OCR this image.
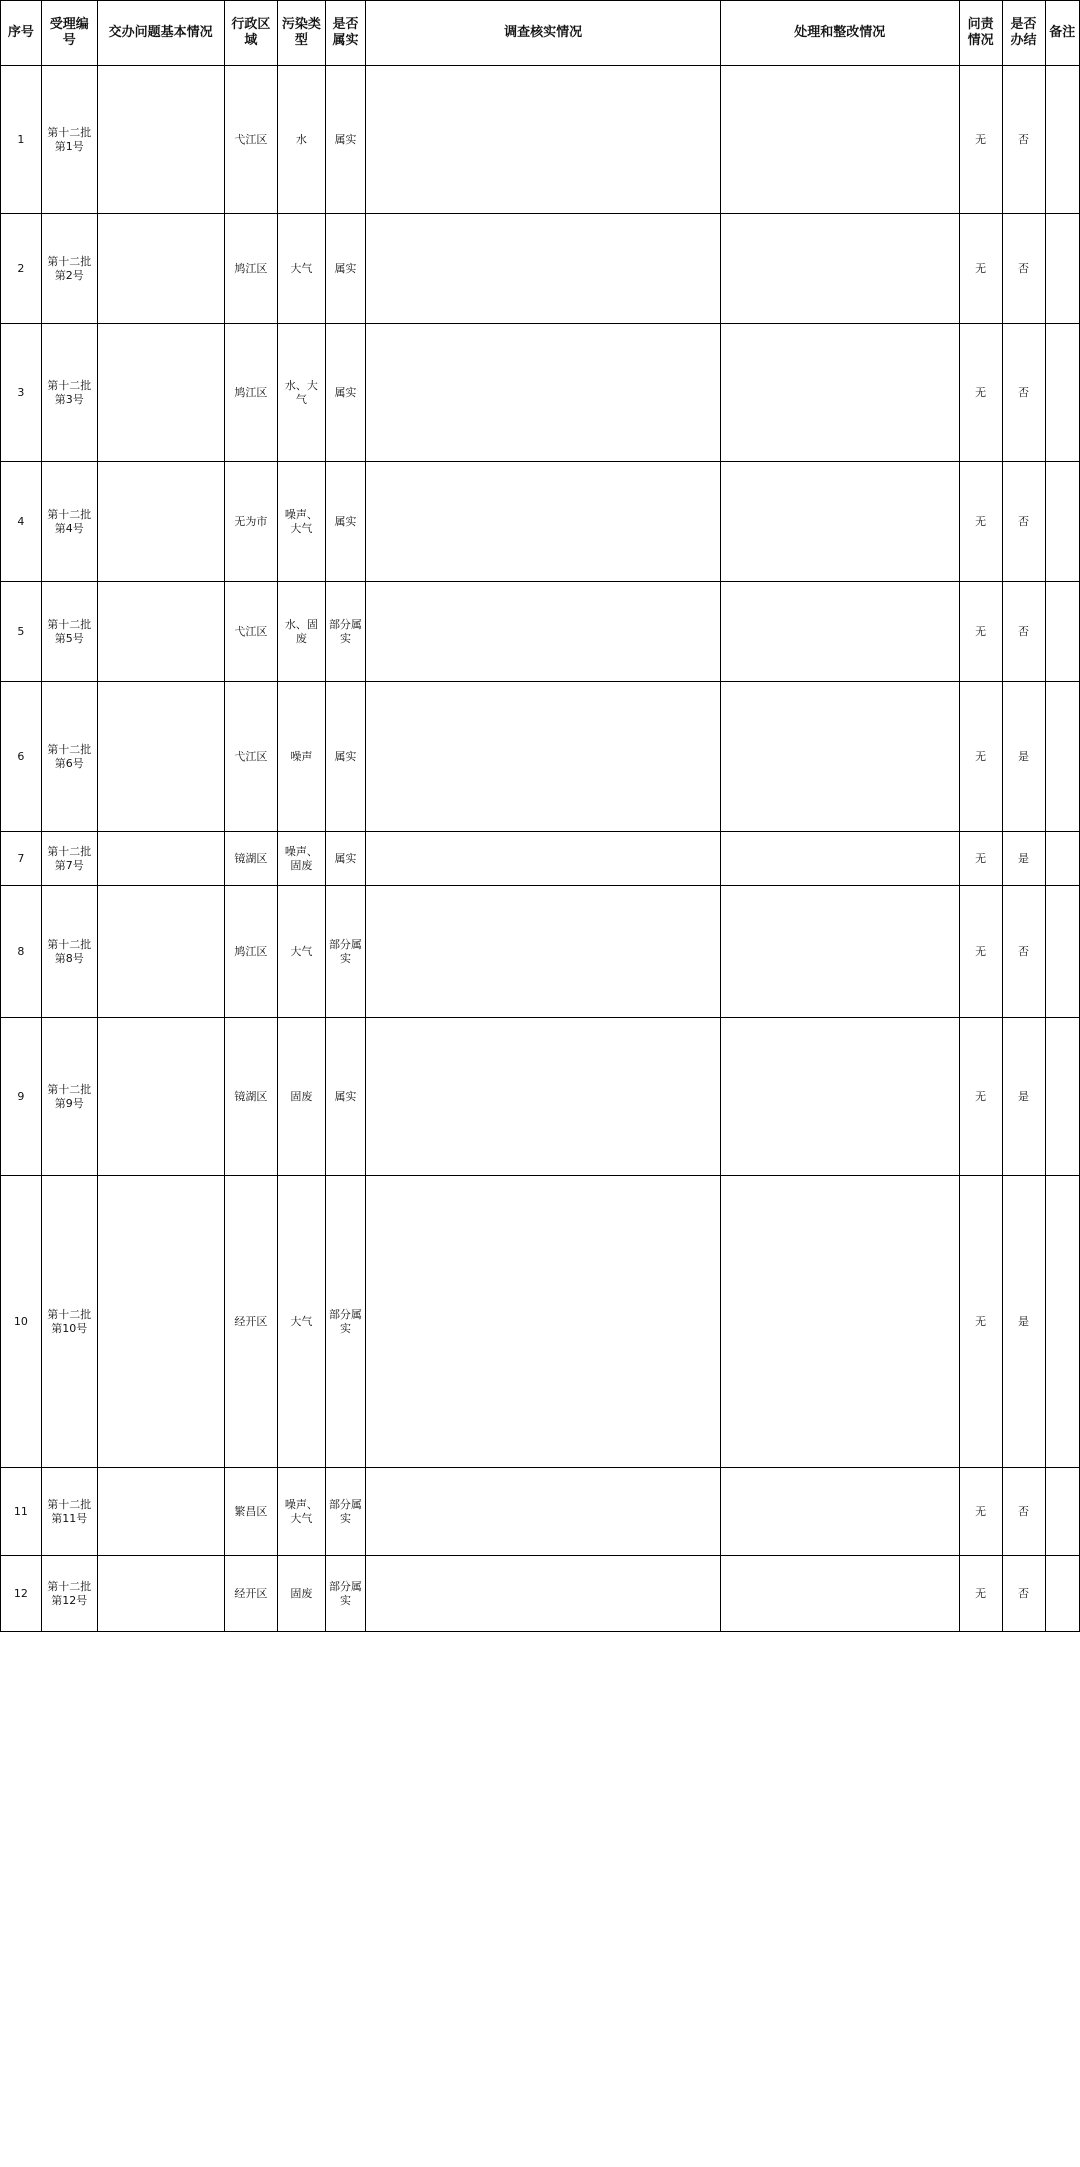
序号	受理编号	交办问题基本情况	行政区域	污染类型	是否属实	调查核实情况	处理和整改情况	问责情况	是否办结	备注
1	第十二批第1号		弋江区	水	属实			无	否	
2	第十二批第2号		鸠江区	大气	属实			无	否	
3	第十二批第3号		鸠江区	水、大气	属实			无	否	
4	第十二批第4号		无为市	噪声、大气	属实			无	否	
5	第十二批第5号		弋江区	水、固废	部分属实			无	否	
6	第十二批第6号		弋江区	噪声	属实			无	是	
7	第十二批第7号		镜湖区	噪声、固废	属实			无	是	
8	第十二批第8号		鸠江区	大气	部分属实			无	否	
9	第十二批第9号		镜湖区	固废	属实			无	是	
10	第十二批第10号		经开区	大气	部分属实			无	是	
11	第十二批第11号		繁昌区	噪声、大气	部分属实			无	否	
12	第十二批第12号		经开区	固废	部分属实			无	否	
